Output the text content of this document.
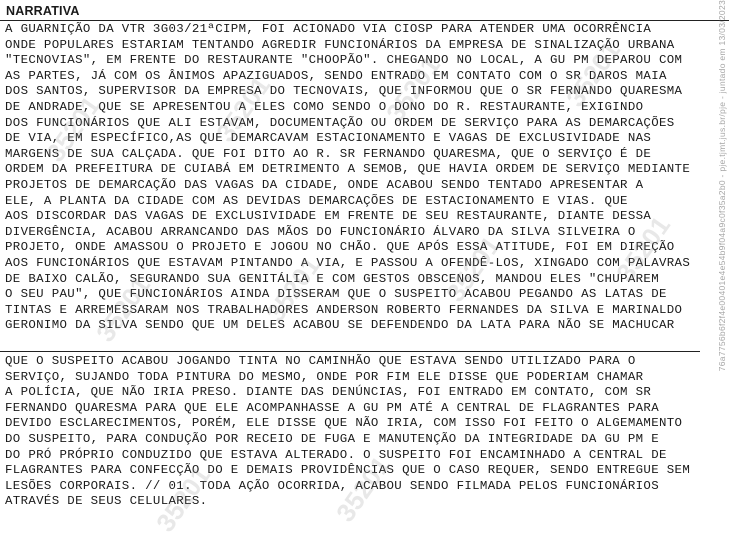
NARRATIVA
A GUARNIÇÃO DA VTR 3G03/21ªCIPM, FOI ACIONADO VIA CIOSP PARA ATENDER UMA OCORRÊNCIA
ONDE POPULARES ESTARIAM TENTANDO AGREDIR FUNCIONÁRIOS DA EMPRESA DE SINALIZAÇÃO URBANA
"TECNOVIAS", EM FRENTE DO RESTAURANTE "CHOOPÃO". CHEGANDO NO LOCAL, A GU PM DEPAROU COM
AS PARTES, JÁ COM OS ÂNIMOS APAZIGUADOS, SENDO ENTRADO EM CONTATO COM O SR DAROS MAIA
DOS SANTOS, SUPERVISOR DA EMPRESA DO TECNOVAIS, QUE INFORMOU QUE O SR FERNANDO QUARESMA
DE ANDRADE, QUE SE APRESENTOU A ELES COMO SENDO O DONO DO R. RESTAURANTE, EXIGINDO
DOS FUNCIONÁRIOS QUE ALI ESTAVAM, DOCUMENTAÇÃO OU ORDEM DE SERVIÇO PARA AS DEMARCAÇÕES
DE VIA, EM ESPECÍFICO,AS QUE DEMARCAVAM ESTACIONAMENTO E VAGAS DE EXCLUSIVIDADE NAS
MARGENS DE SUA CALÇADA. QUE FOI DITO AO R. SR FERNANDO QUARESMA, QUE O SERVIÇO É DE
ORDEM DA PREFEITURA DE CUIABÁ EM DETRIMENTO A SEMOB, QUE HAVIA ORDEM DE SERVIÇO MEDIANTE
PROJETOS DE DEMARCAÇÃO DAS VAGAS DA CIDADE, ONDE ACABOU SENDO TENTADO APRESENTAR A
ELE, A PLANTA DA CIDADE COM AS DEVIDAS DEMARCAÇÕES DE ESTACIONAMENTO E VIAS. QUE
AOS DISCORDAR DAS VAGAS DE EXCLUSIVIDADE EM FRENTE DE SEU RESTAURANTE, DIANTE DESSA
DIVERGÊNCIA, ACABOU ARRANCANDO DAS MÃOS DO FUNCIONÁRIO ÁLVARO DA SILVA SILVEIRA O
PROJETO, ONDE AMASSOU O PROJETO E JOGOU NO CHÃO. QUE APÓS ESSA ATITUDE, FOI EM DIREÇÃO
AOS FUNCIONÁRIOS QUE ESTAVAM PINTANDO A VIA, E PASSOU A OFENDÊ-LOS, XINGADO COM PALAVRAS
DE BAIXO CALÃO, SEGURANDO SUA GENITÁLIA E COM GESTOS OBSCENOS, MANDOU ELES "CHUPAREM
O SEU PAU", QUE FUNCIONÁRIOS AINDA DISSERAM QUE O SUSPEITO ACABOU PEGANDO AS LATAS DE
TINTAS E ARREMESSARAM NOS TRABALHADORES ANDERSON ROBERTO FERNANDES DA SILVA E MARINALDO
GERONIMO DA SILVA SENDO QUE UM DELES ACABOU SE DEFENDENDO DA LATA PARA NÃO SE MACHUCAR
QUE O SUSPEITO ACABOU JOGANDO TINTA NO CAMINHÃO QUE ESTAVA SENDO UTILIZADO PARA O
SERVIÇO, SUJANDO TODA PINTURA DO MESMO, ONDE POR FIM ELE DISSE QUE PODERIAM CHAMAR
A POLÍCIA, QUE NÃO IRIA PRESO. DIANTE DAS DENÚNCIAS, FOI ENTRADO EM CONTATO, COM SR
FERNANDO QUARESMA PARA QUE ELE ACOMPANHASSE A GU PM ATÉ A CENTRAL DE FLAGRANTES PARA
DEVIDO ESCLARECIMENTOS, PORÉM, ELE DISSE QUE NÃO IRIA, COM ISSO FOI FEITO O ALGEMAMENTO
DO SUSPEITO, PARA CONDUÇÃO POR RECEIO DE FUGA E MANUTENÇÃO DA INTEGRIDADE DA GU PM E
DO PRÓ PRÓPRIO CONDUZIDO QUE ESTAVA ALTERADO. O SUSPEITO FOI ENCAMINHADO A CENTRAL DE
FLAGRANTES PARA CONFECÇÃO DO E DEMAIS PROVIDÊNCIAS QUE O CASO REQUER, SENDO ENTREGUE SEM
LESÕES CORPORAIS. // 01. TODA AÇÃO OCORRIDA, ACABOU SENDO FILMADA PELOS FUNCIONÁRIOS
ATRAVÉS DE SEUS CELULARES.
35201	35201	35201	35201
35201	35201	35201	35201
35201	35201
76a7756b6f2f4e00401e4e54b9f04a9c0f35a2b0 - pje.tjmt.jus.br/pje - juntado em 13/03/2023
